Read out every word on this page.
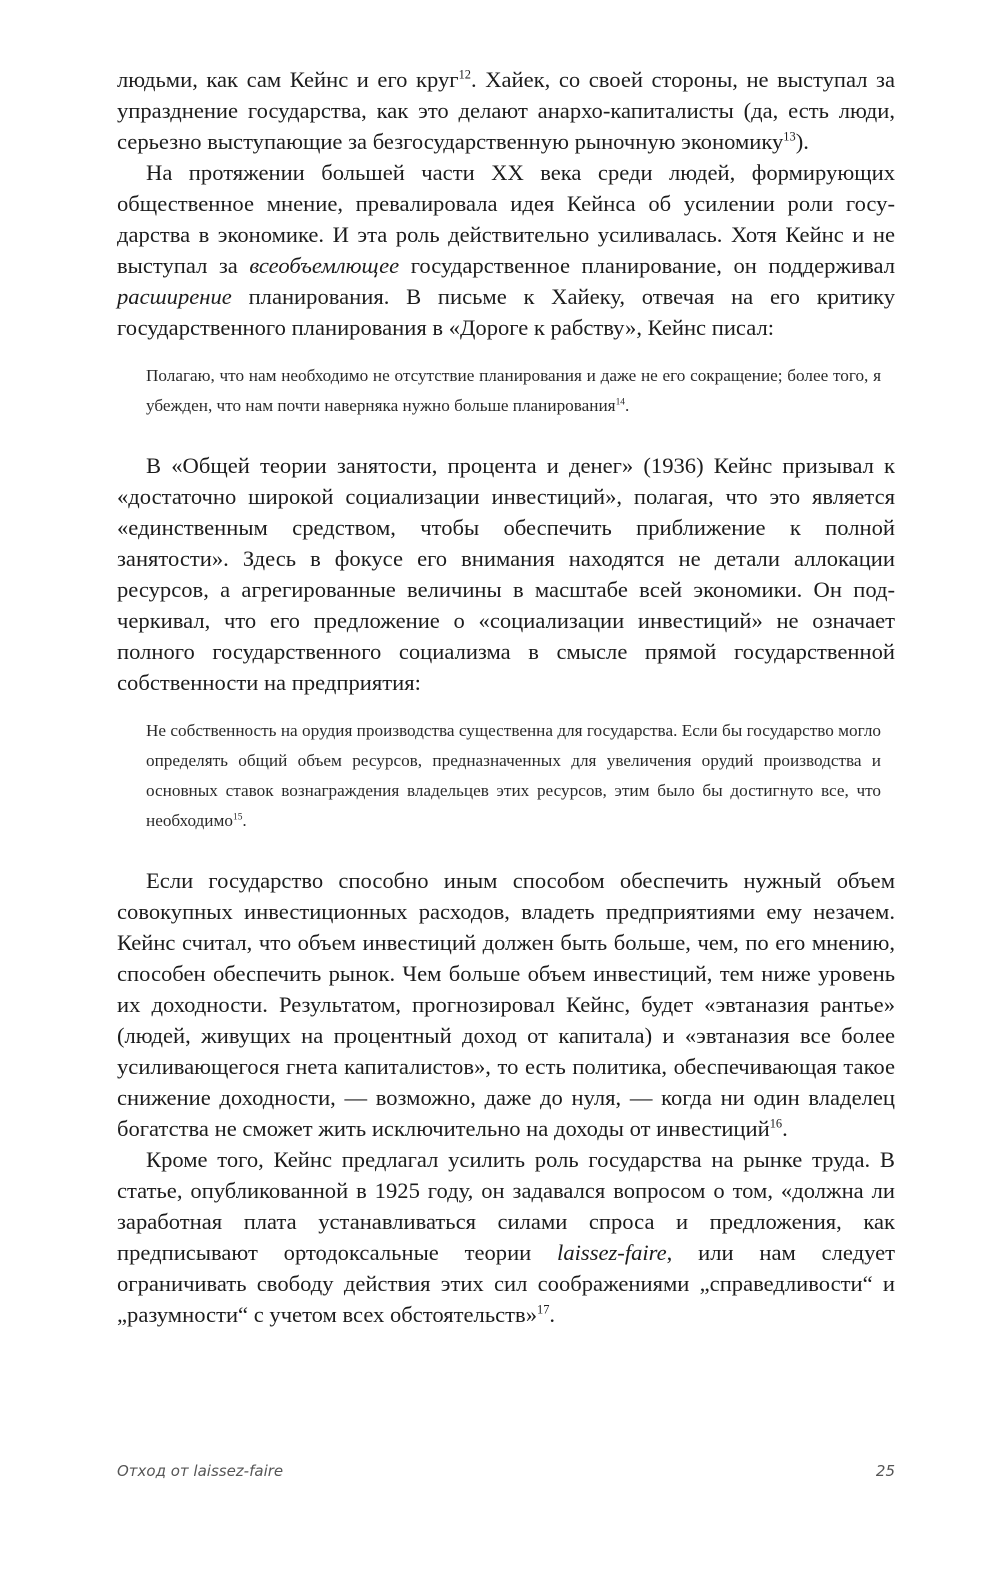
людьми, как сам Кейнс и его круг$^{12}$. Хайек, со своей стороны, не выступал за упразднение государства, как это делают анархо-капиталисты (да, есть люди, серьезно выступающие за безгосударственную рыночную экономику$^{13}$).

На протяжении большей части XX века среди людей, формирующих общественное мнение, превалировала идея Кейнса об усилении роли государства в экономике. И эта роль действительно усиливалась. Хотя Кейнс и не выступал за всеобъемлющее государственное планирование, он поддерживал расширение планирования. В письме к Хайеку, отвечая на его критику государственного планирования в «Дороге к рабству», Кейнс писал:

Полагаю, что нам необходимо не отсутствие планирования и даже не его сокращение; более того, я убежден, что нам почти наверняка нужно больше планирования$^{14}$.

В «Общей теории занятости, процента и денег» (1936) Кейнс призывал к «достаточно широкой социализации инвестиций», полагая, что это является «единственным средством, чтобы обеспечить приближение к полной занятости». Здесь в фокусе его внимания находятся не детали аллокации ресурсов, а агрегированные величины в масштабе всей экономики. Он подчеркивал, что его предложение о «социализации инвестиций» не означает полного государственного социализма в смысле прямой государственной собственности на предприятия:

Не собственность на орудия производства существенна для государства. Если бы государство могло определять общий объем ресурсов, предназначенных для увеличения орудий производства и основных ставок вознаграждения владельцев этих ресурсов, этим было бы достигнуто все, что необходимо$^{15}$.

Если государство способно иным способом обеспечить нужный объем совокупных инвестиционных расходов, владеть предприятиями ему незачем. Кейнс считал, что объем инвестиций должен быть больше, чем, по его мнению, способен обеспечить рынок. Чем больше объем инвестиций, тем ниже уровень их доходности. Результатом, прогнозировал Кейнс, будет «эвтаназия рантье» (людей, живущих на процентный доход от капитала) и «эвтаназия все более усиливающегося гнета капиталистов», то есть политика, обеспечивающая такое снижение доходности, — возможно, даже до нуля, — когда ни один владелец богатства не сможет жить исключительно на доходы от инвестиций$^{16}$.

Кроме того, Кейнс предлагал усилить роль государства на рынке труда. В статье, опубликованной в 1925 году, он задавался вопросом о том, «должна ли заработная плата устанавливаться силами спроса и предложения, как предписывают ортодоксальные теории laissez-faire, или нам следует ограничивать свободу действия этих сил соображениями „справедливости“ и „разумности“ с учетом всех обстоятельств»$^{17}$.

Отход от laissez-faire	25
